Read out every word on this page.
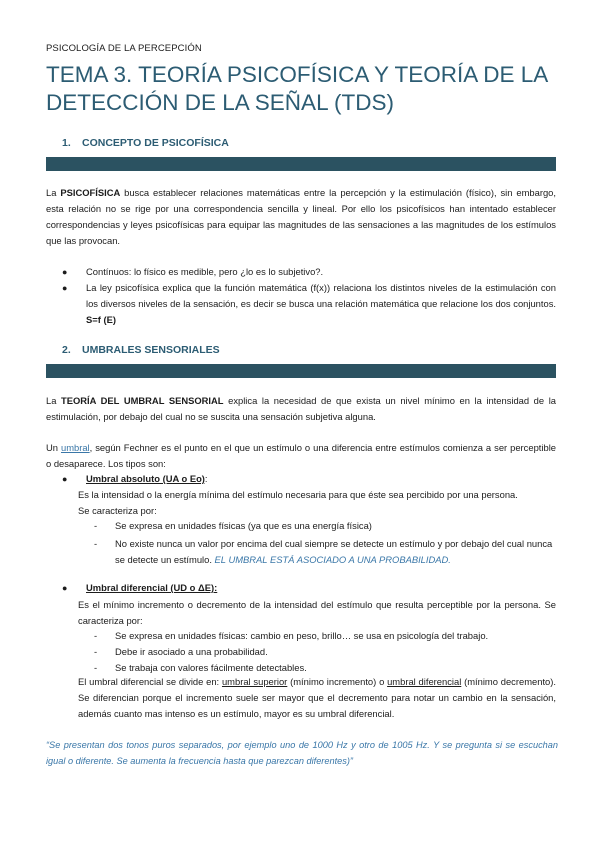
PSICOLOGÍA DE LA PERCEPCIÓN
TEMA 3. TEORÍA PSICOFÍSICA Y TEORÍA DE LA DETECCIÓN DE LA SEÑAL (TDS)
1. CONCEPTO DE PSICOFÍSICA
La PSICOFÍSICA busca establecer relaciones matemáticas entre la percepción y la estimulación (físico), sin embargo, esta relación no se rige por una correspondencia sencilla y lineal. Por ello los psicofísicos han intentado establecer correspondencias y leyes psicofísicas para equipar las magnitudes de las sensaciones a las magnitudes de los estímulos que las provocan.
● Contínuos: lo físico es medible, pero ¿lo es lo subjetivo?.
● La ley psicofísica explica que la función matemática (f(x)) relaciona los distintos niveles de la estimulación con los diversos niveles de la sensación, es decir se busca una relación matemática que relacione los dos conjuntos. S=f (E)
2. UMBRALES SENSORIALES
La TEORÍA DEL UMBRAL SENSORIAL explica la necesidad de que exista un nivel mínimo en la intensidad de la estimulación, por debajo del cual no se suscita una sensación subjetiva alguna.
Un umbral, según Fechner es el punto en el que un estímulo o una diferencia entre estímulos comienza a ser perceptible o desaparece. Los tipos son:
● Umbral absoluto (UA o Eo):
Es la intensidad o la energía mínima del estímulo necesaria para que éste sea percibido por una persona.
Se caracteriza por:
- Se expresa en unidades físicas (ya que es una energía física)
- No existe nunca un valor por encima del cual siempre se detecte un estímulo y por debajo del cual nunca se detecte un estímulo. EL UMBRAL ESTÁ ASOCIADO A UNA PROBABILIDAD.
● Umbral diferencial (UD o ΔE):
Es el mínimo incremento o decremento de la intensidad del estímulo que resulta perceptible por la persona. Se caracteriza por:
- Se expresa en unidades físicas: cambio en peso, brillo… se usa en psicología del trabajo.
- Debe ir asociado a una probabilidad.
- Se trabaja con valores fácilmente detectables.
El umbral diferencial se divide en: umbral superior (mínimo incremento) o umbral diferencial (mínimo decremento). Se diferencian porque el incremento suele ser mayor que el decremento para notar un cambio en la sensación, además cuanto mas intenso es un estímulo, mayor es su umbral diferencial.
“Se presentan dos tonos puros separados, por ejemplo uno de 1000 Hz y otro de 1005 Hz. Y se pregunta si se escuchan igual o diferente. Se aumenta la frecuencia hasta que parezcan diferentes)”
